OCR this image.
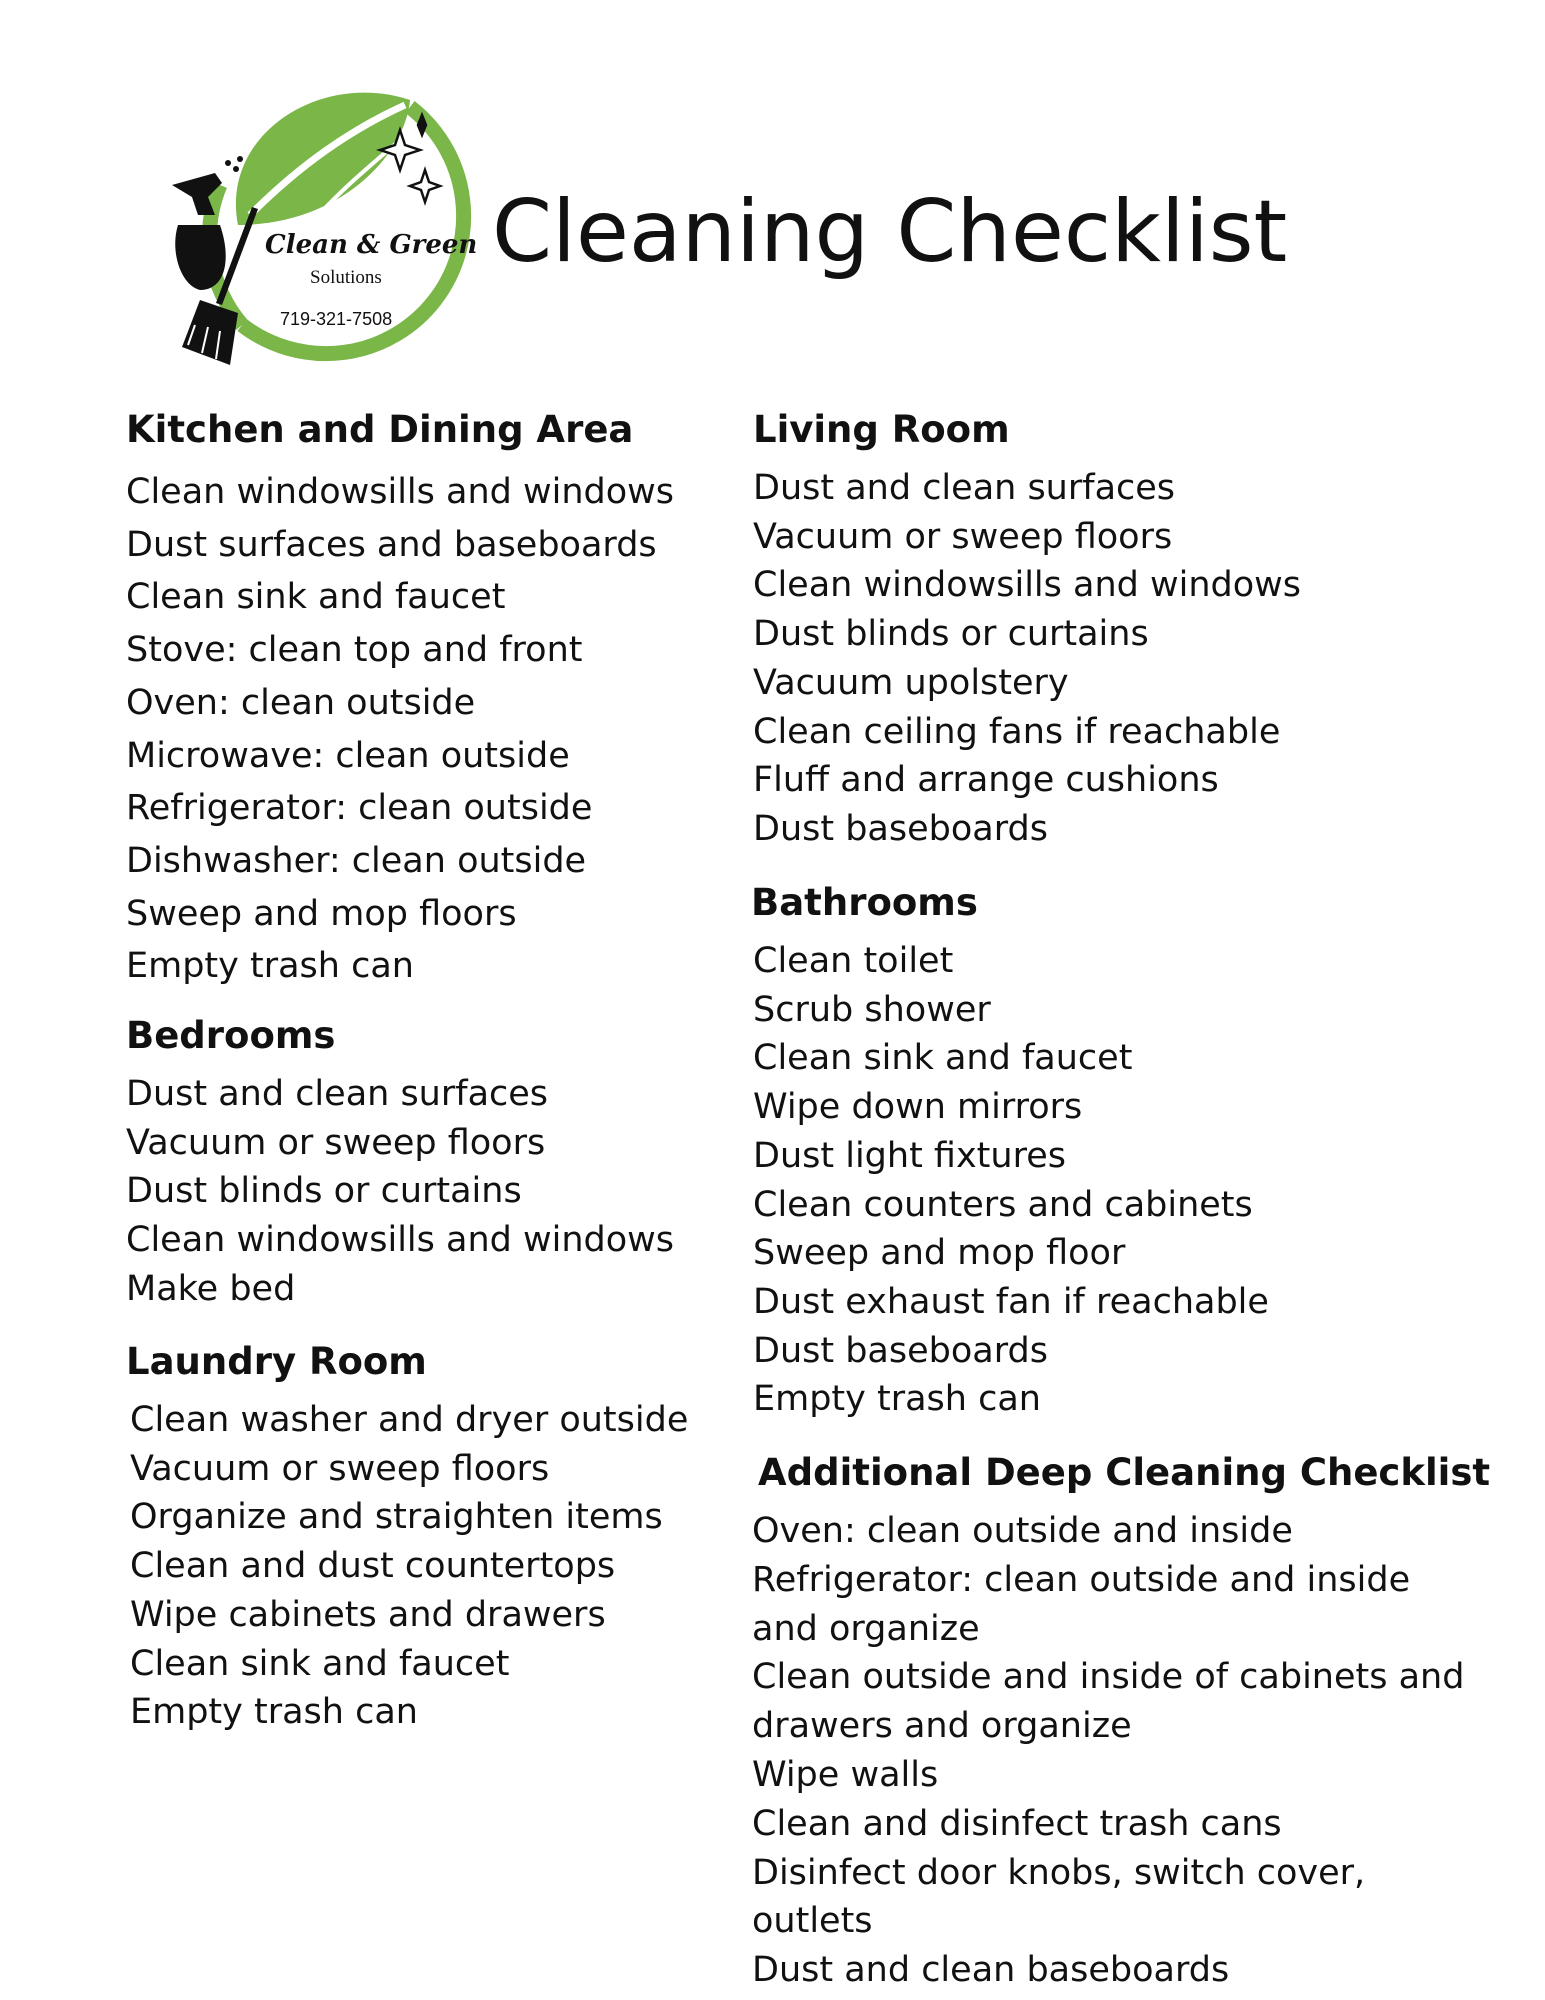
Clean & Green
Solutions
719-321-7508
Cleaning Checklist
Kitchen and Dining Area
Clean windowsills and windows
Dust surfaces and baseboards
Clean sink and faucet
Stove: clean top and front
Oven: clean outside
Microwave: clean outside
Refrigerator: clean outside
Dishwasher: clean outside
Sweep and mop floors
Empty trash can
Bedrooms
Dust and clean surfaces
Vacuum or sweep floors
Dust blinds or curtains
Clean windowsills and windows
Make bed
Laundry Room
Clean washer and dryer outside
Vacuum or sweep floors
Organize and straighten items
Clean and dust countertops
Wipe cabinets and drawers
Clean sink and faucet
Empty trash can
Living Room
Dust and clean surfaces
Vacuum or sweep floors
Clean windowsills and windows
Dust blinds or curtains
Vacuum upolstery
Clean ceiling fans if reachable
Fluff and arrange cushions
Dust baseboards
Bathrooms
Clean toilet
Scrub shower
Clean sink and faucet
Wipe down mirrors
Dust light fixtures
Clean counters and cabinets
Sweep and mop floor
Dust exhaust fan if reachable
Dust baseboards
Empty trash can
Additional Deep Cleaning Checklist
Oven: clean outside and inside
Refrigerator: clean outside and inside and organize
Clean outside and inside of cabinets and drawers and organize
Wipe walls
Clean and disinfect trash cans
Disinfect door knobs, switch cover, outlets
Dust and clean baseboards
